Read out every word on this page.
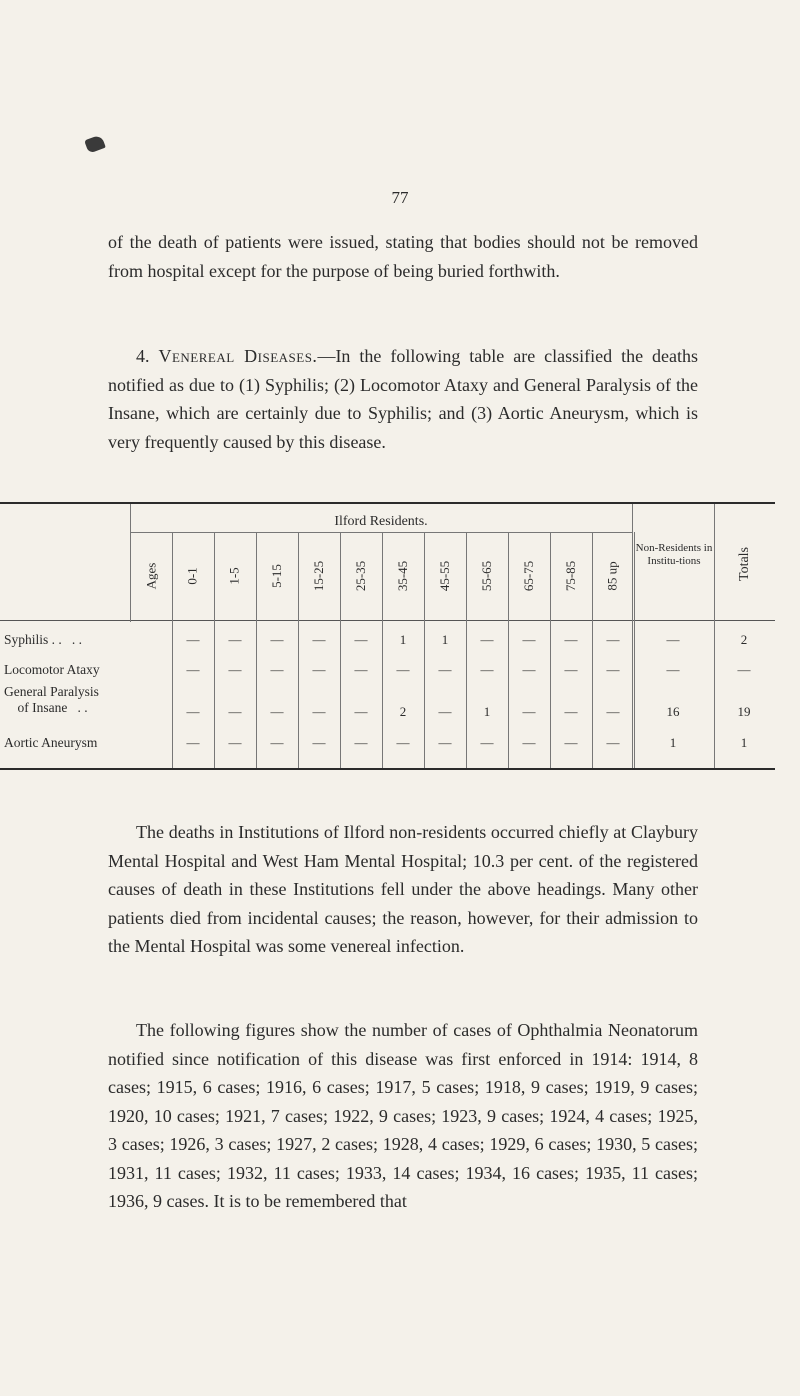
77

of the death of patients were issued, stating that bodies should not be removed from hospital except for the purpose of being buried forthwith.

4. Venereal Diseases.—In the following table are classified the deaths notified as due to (1) Syphilis; (2) Locomotor Ataxy and General Paralysis of the Insane, which are certainly due to Syphilis; and (3) Aortic Aneurysm, which is very frequently caused by this disease.

Ilford Residents.
Ages 0-1 1-5 5-15 15-25 25-35 35-45 45-55 55-65 65-75 75-85 85 up
Non-Residents in Institu-tions	Totals
Syphilis . .   . .	—	—	—	—	—	1	1	—	—	—	—	—	2
Locomotor Ataxy	—	—	—	—	—	—	—	—	—	—	—	—	—
General Paralysis
of Insane   . .	—	—	—	—	—	2	—	1	—	—	—	16	19
Aortic Aneurysm	—	—	—	—	—	—	—	—	—	—	—	1	1

The deaths in Institutions of Ilford non-residents occurred chiefly at Claybury Mental Hospital and West Ham Mental Hospital; 10.3 per cent. of the registered causes of death in these Institutions fell under the above headings. Many other patients died from incidental causes; the reason, however, for their admission to the Mental Hospital was some venereal infection.

The following figures show the number of cases of Ophthalmia Neonatorum notified since notification of this disease was first enforced in 1914: 1914, 8 cases; 1915, 6 cases; 1916, 6 cases; 1917, 5 cases; 1918, 9 cases; 1919, 9 cases; 1920, 10 cases; 1921, 7 cases; 1922, 9 cases; 1923, 9 cases; 1924, 4 cases; 1925, 3 cases; 1926, 3 cases; 1927, 2 cases; 1928, 4 cases; 1929, 6 cases; 1930, 5 cases; 1931, 11 cases; 1932, 11 cases; 1933, 14 cases; 1934, 16 cases; 1935, 11 cases; 1936, 9 cases. It is to be remembered that
